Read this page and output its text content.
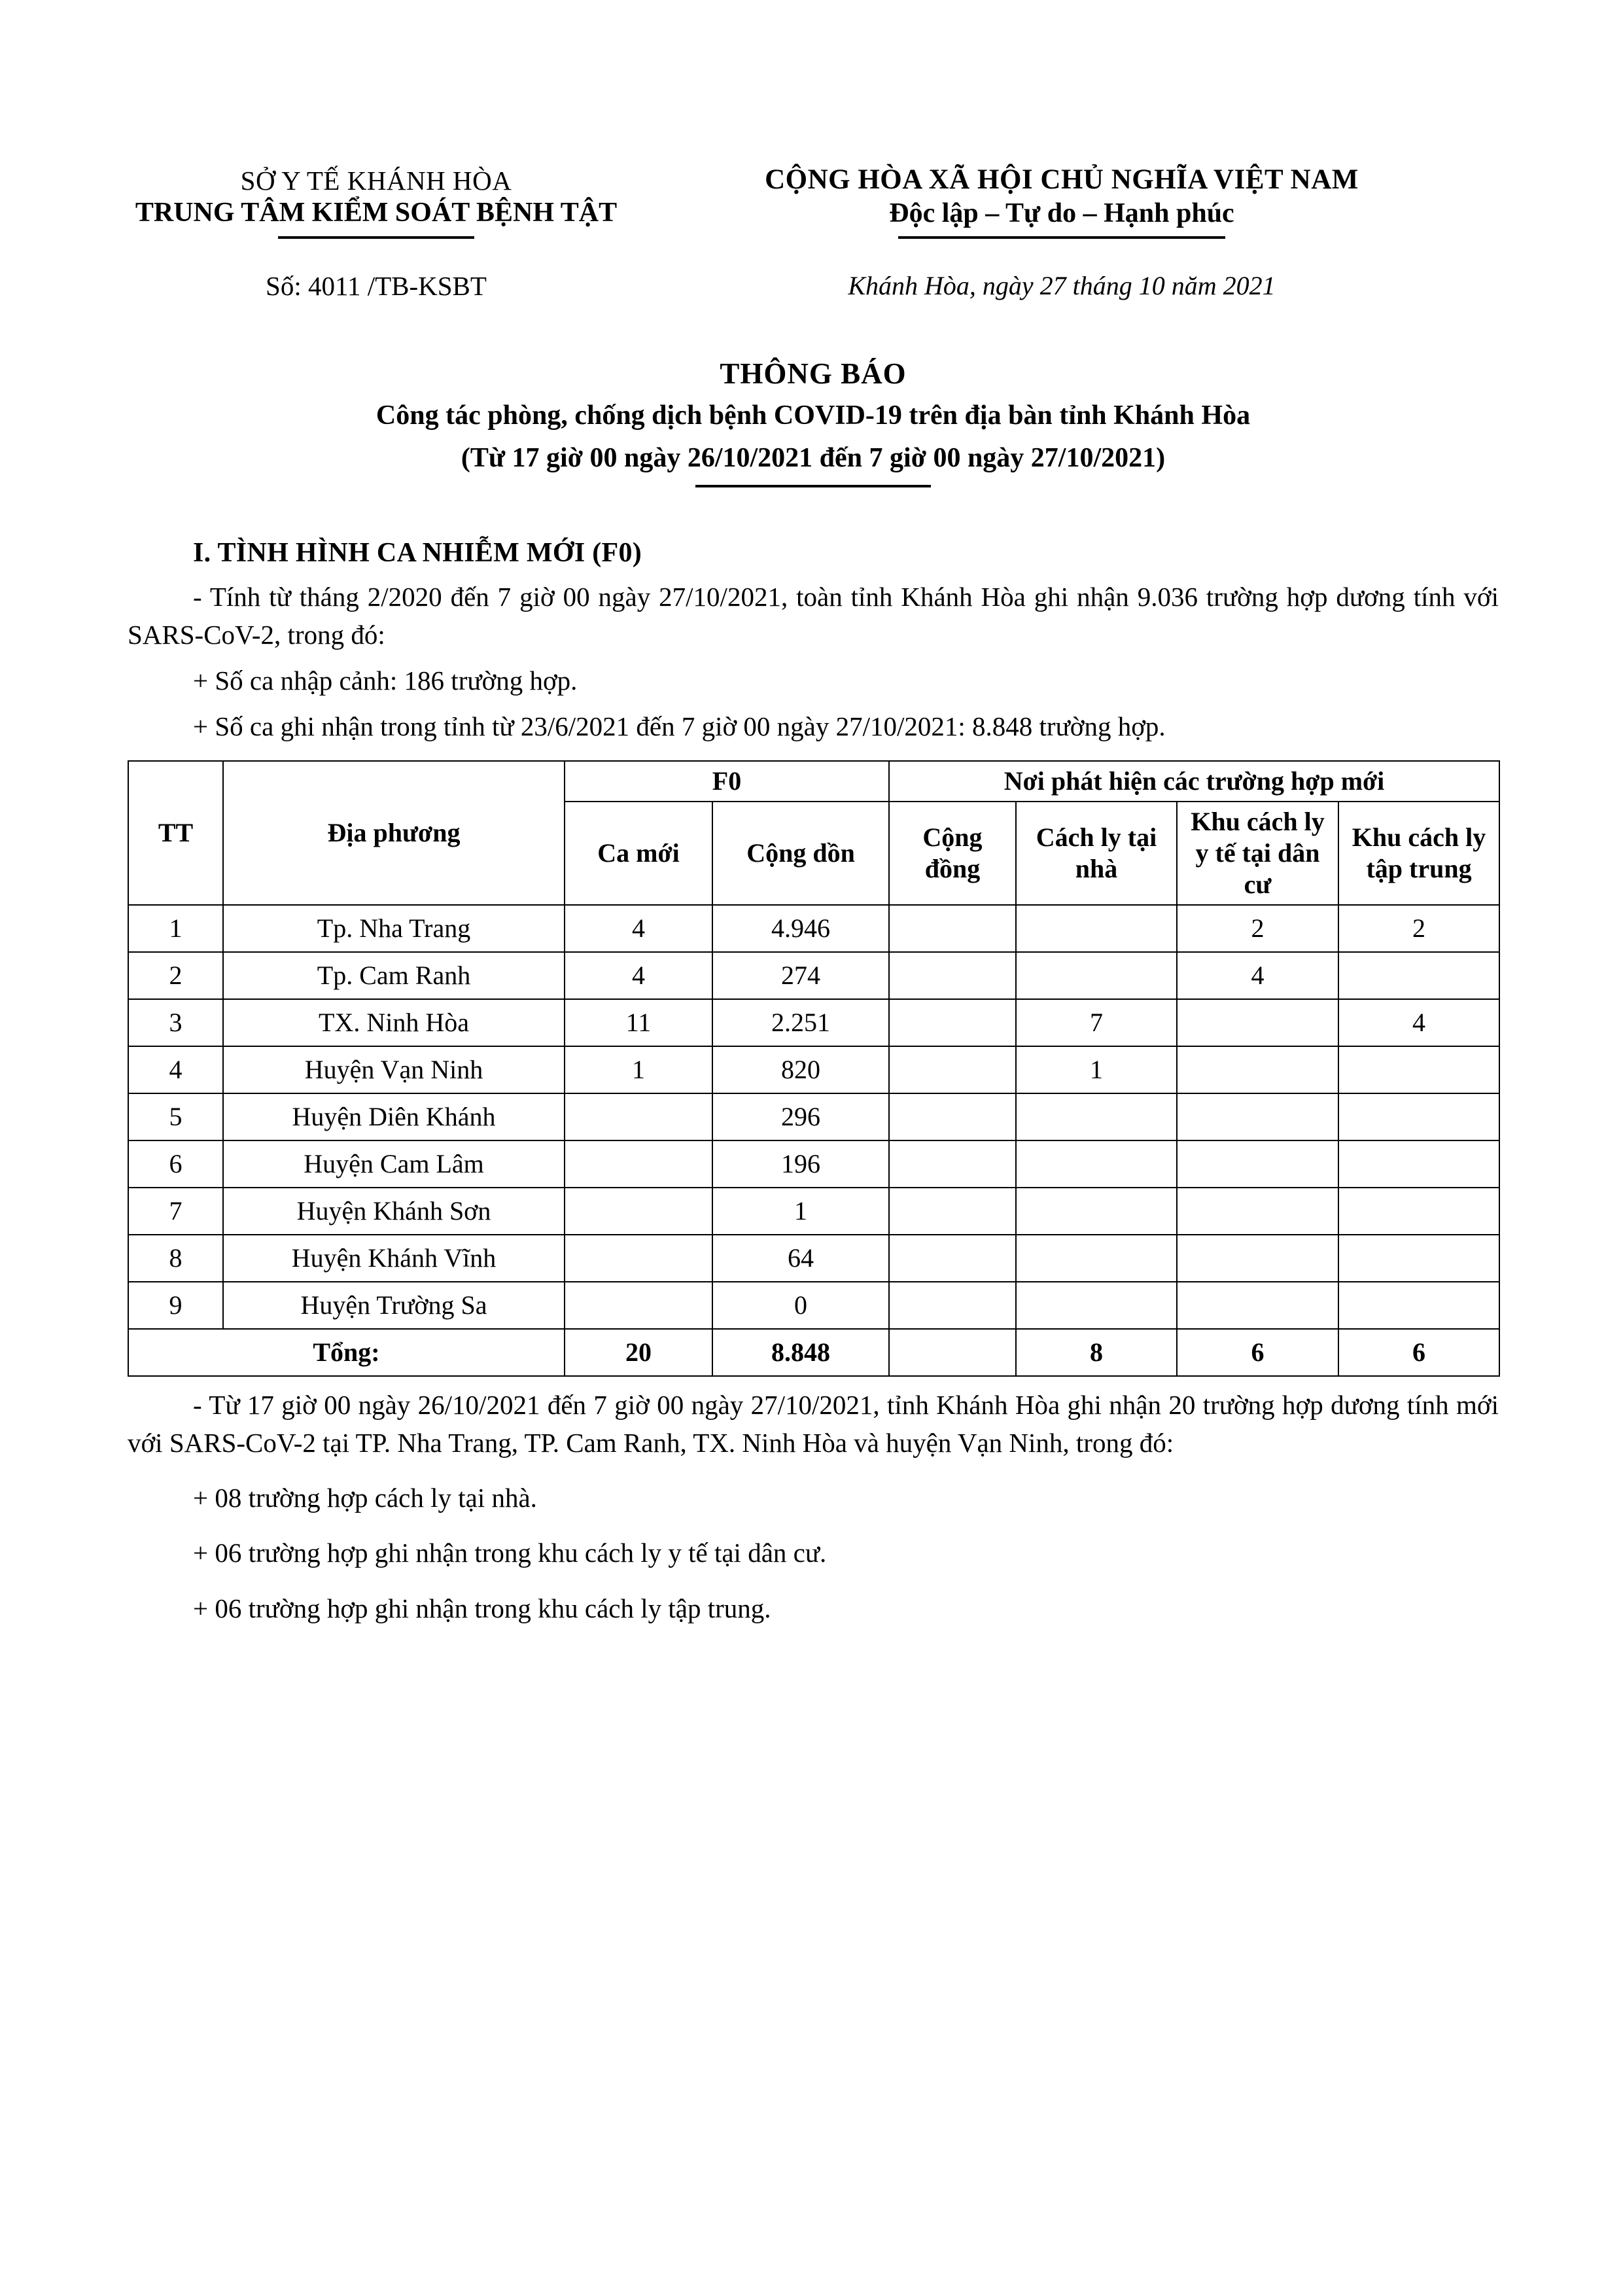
SỞ Y TẾ KHÁNH HÒA
TRUNG TÂM KIỂM SOÁT BỆNH TẬT
CỘNG HÒA XÃ HỘI CHỦ NGHĨA VIỆT NAM
Độc lập – Tự do – Hạnh phúc
Số: 4011 /TB-KSBT	Khánh Hòa, ngày 27 tháng 10 năm 2021
THÔNG BÁO
Công tác phòng, chống dịch bệnh COVID-19 trên địa bàn tỉnh Khánh Hòa
(Từ 17 giờ 00 ngày 26/10/2021 đến 7 giờ 00 ngày 27/10/2021)
I. TÌNH HÌNH CA NHIỄM MỚI (F0)

- Tính từ tháng 2/2020 đến 7 giờ 00 ngày 27/10/2021, toàn tỉnh Khánh Hòa ghi nhận 9.036 trường hợp dương tính với SARS-CoV-2, trong đó:

+ Số ca nhập cảnh: 186 trường hợp.

+ Số ca ghi nhận trong tỉnh từ 23/6/2021 đến 7 giờ 00 ngày 27/10/2021: 8.848 trường hợp.

TT	Địa phương	F0		Nơi phát hiện các trường hợp mới			
		Ca mới	Cộng dồn	Cộng đồng	Cách ly tại nhà	Khu cách ly y tế tại dân cư	Khu cách ly tập trung
1	Tp. Nha Trang	4	4.946			2	2
2	Tp. Cam Ranh	4	274			4	
3	TX. Ninh Hòa	11	2.251		7		4
4	Huyện Vạn Ninh	1	820		1		
5	Huyện Diên Khánh		296				
6	Huyện Cam Lâm		196				
7	Huyện Khánh Sơn		1				
8	Huyện Khánh Vĩnh		64				
9	Huyện Trường Sa		0				
Tổng:		20	8.848		8	6	6

- Từ 17 giờ 00 ngày 26/10/2021 đến 7 giờ 00 ngày 27/10/2021, tỉnh Khánh Hòa ghi nhận 20 trường hợp dương tính mới với SARS-CoV-2 tại TP. Nha Trang, TP. Cam Ranh, TX. Ninh Hòa và huyện Vạn Ninh, trong đó:

+ 08 trường hợp cách ly tại nhà.

+ 06 trường hợp ghi nhận trong khu cách ly y tế tại dân cư.

+ 06 trường hợp ghi nhận trong khu cách ly tập trung.
